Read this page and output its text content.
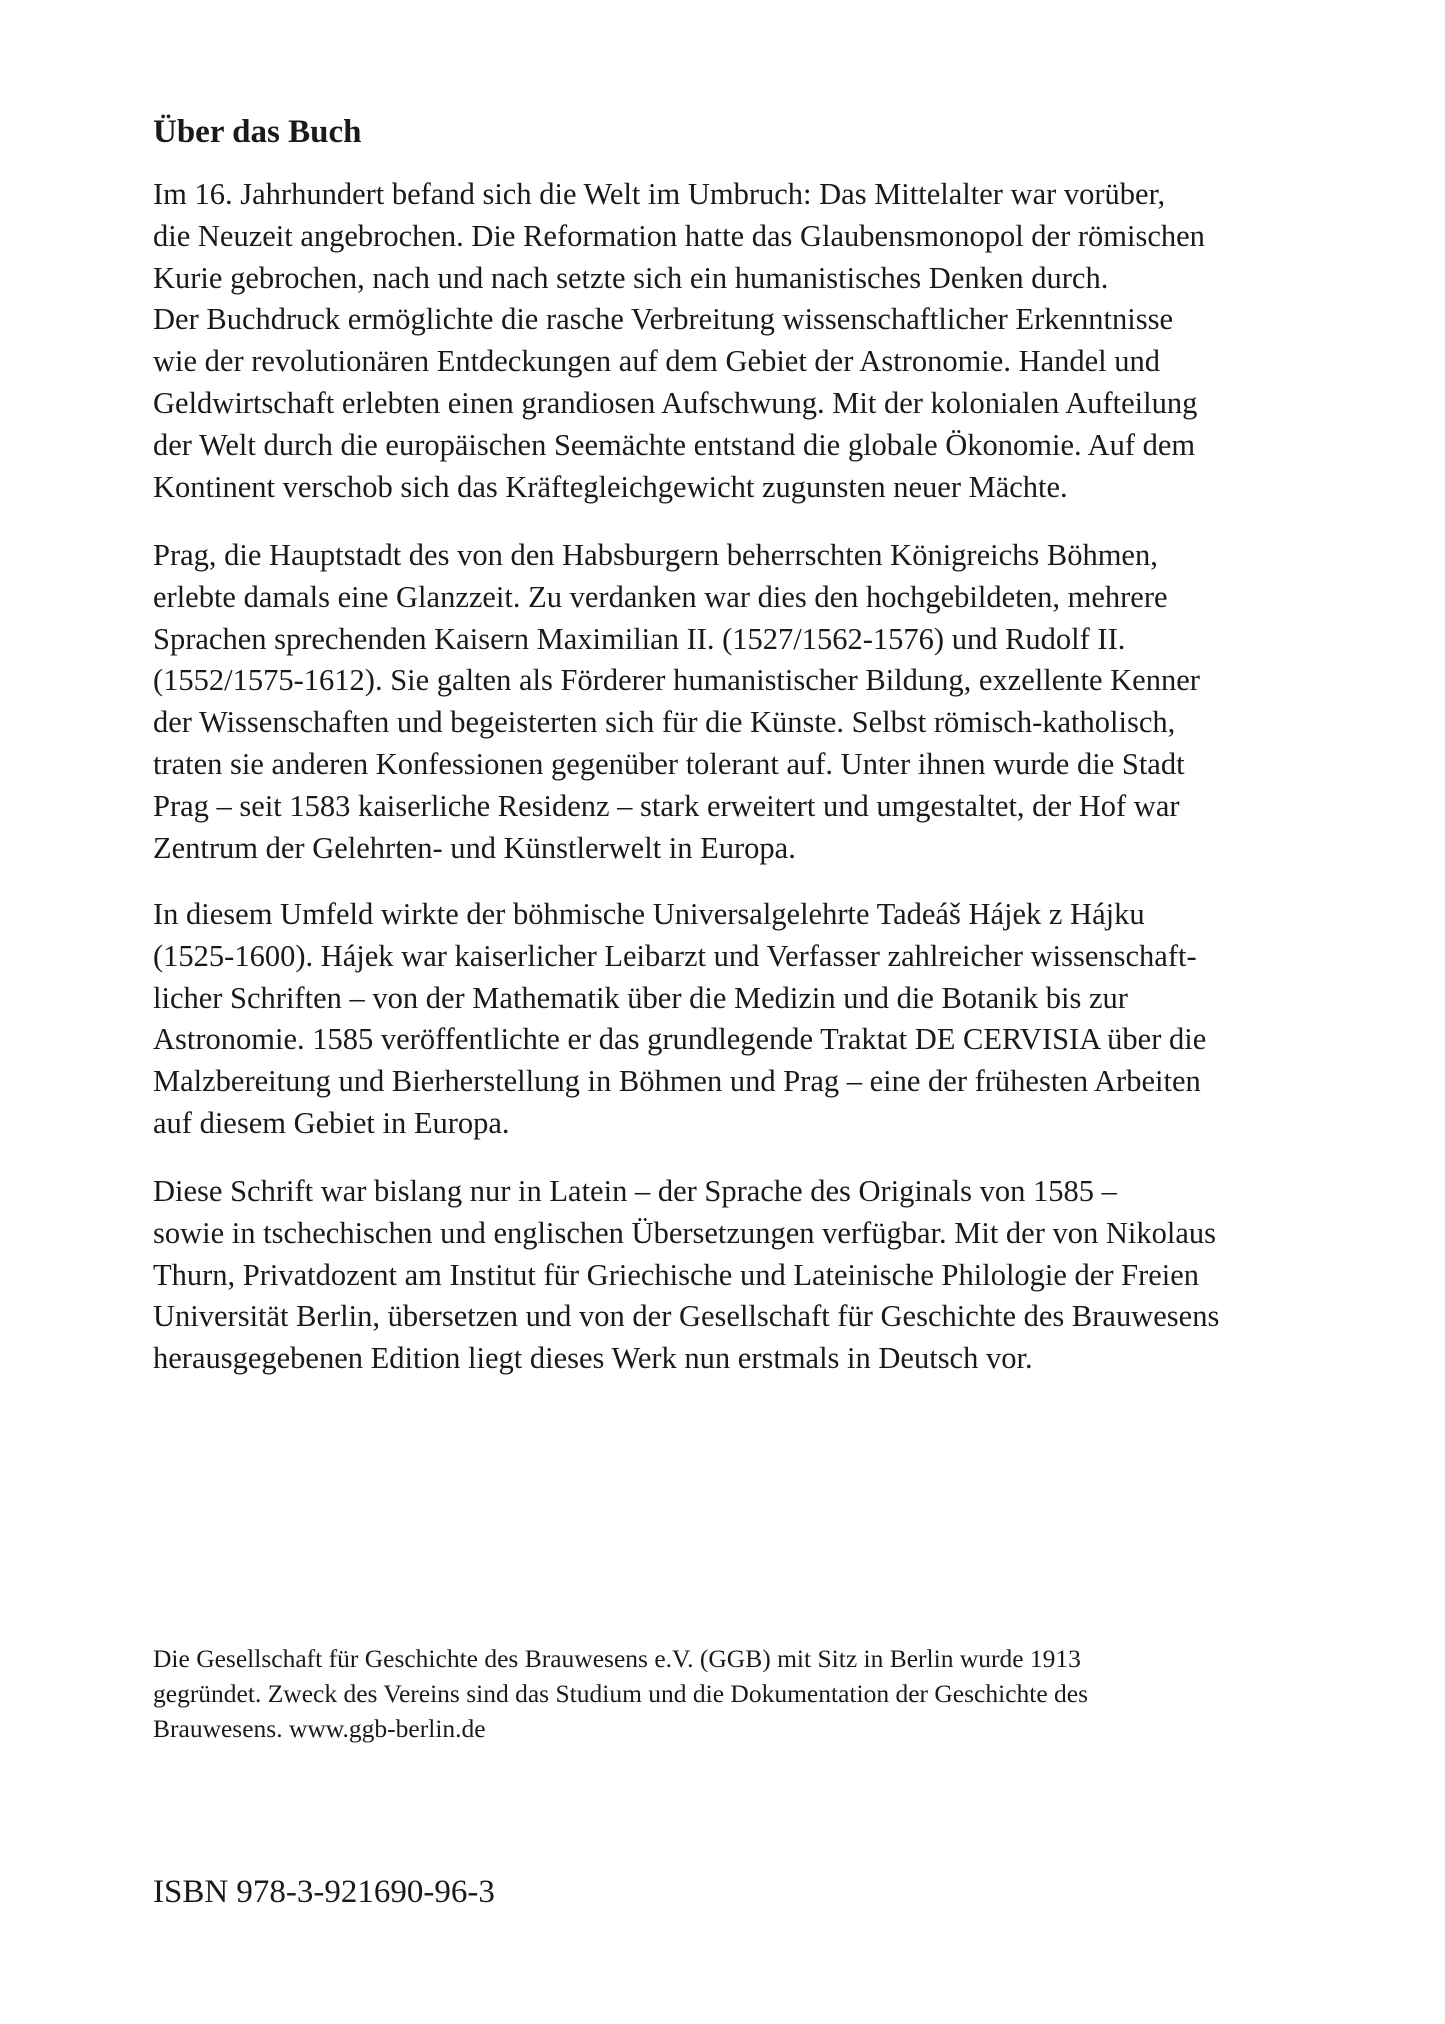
Über das Buch

Im 16. Jahrhundert befand sich die Welt im Umbruch: Das Mittelalter war vorüber,
die Neuzeit angebrochen. Die Reformation hatte das Glaubensmonopol der römischen
Kurie gebrochen, nach und nach setzte sich ein humanistisches Denken durch.
Der Buchdruck ermöglichte die rasche Verbreitung wissenschaftlicher Erkenntnisse
wie der revolutionären Entdeckungen auf dem Gebiet der Astronomie. Handel und
Geldwirtschaft erlebten einen grandiosen Aufschwung. Mit der kolonialen Aufteilung
der Welt durch die europäischen Seemächte entstand die globale Ökonomie. Auf dem
Kontinent verschob sich das Kräftegleichgewicht zugunsten neuer Mächte.

Prag, die Hauptstadt des von den Habsburgern beherrschten Königreichs Böhmen,
erlebte damals eine Glanzzeit. Zu verdanken war dies den hochgebildeten, mehrere
Sprachen sprechenden Kaisern Maximilian II. (1527/1562-1576) und Rudolf II.
(1552/1575-1612). Sie galten als Förderer humanistischer Bildung, exzellente Kenner
der Wissenschaften und begeisterten sich für die Künste. Selbst römisch-katholisch,
traten sie anderen Konfessionen gegenüber tolerant auf. Unter ihnen wurde die Stadt
Prag – seit 1583 kaiserliche Residenz – stark erweitert und umgestaltet, der Hof war
Zentrum der Gelehrten- und Künstlerwelt in Europa.

In diesem Umfeld wirkte der böhmische Universalgelehrte Tadeáš Hájek z Hájku
(1525-1600). Hájek war kaiserlicher Leibarzt und Verfasser zahlreicher wissenschaft-
licher Schriften – von der Mathematik über die Medizin und die Botanik bis zur
Astronomie. 1585 veröffentlichte er das grundlegende Traktat DE CERVISIA über die
Malzbereitung und Bierherstellung in Böhmen und Prag – eine der frühesten Arbeiten
auf diesem Gebiet in Europa.

Diese Schrift war bislang nur in Latein – der Sprache des Originals von 1585 –
sowie in tschechischen und englischen Übersetzungen verfügbar. Mit der von Nikolaus
Thurn, Privatdozent am Institut für Griechische und Lateinische Philologie der Freien
Universität Berlin, übersetzen und von der Gesellschaft für Geschichte des Brauwesens
herausgegebenen Edition liegt dieses Werk nun erstmals in Deutsch vor.

Die Gesellschaft für Geschichte des Brauwesens e.V. (GGB) mit Sitz in Berlin wurde 1913
gegründet. Zweck des Vereins sind das Studium und die Dokumentation der Geschichte des
Brauwesens. www.ggb-berlin.de

ISBN 978-3-921690-96-3
